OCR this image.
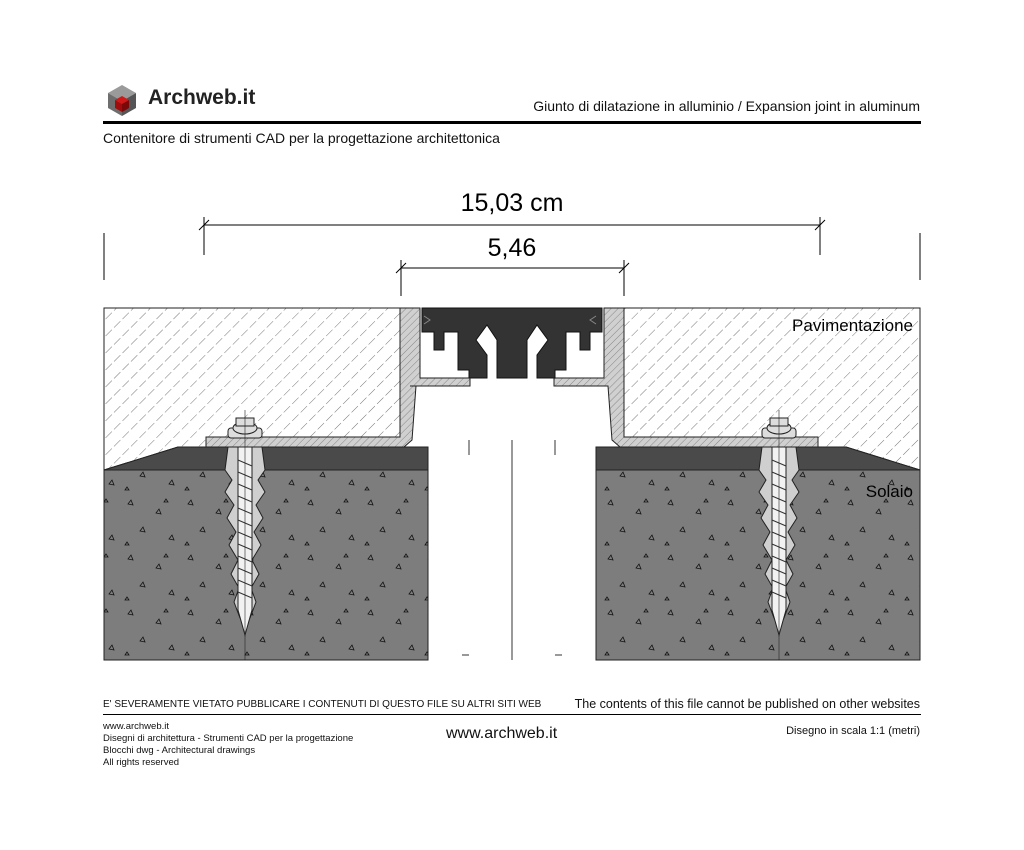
Archweb.it	Giunto di dilatazione in alluminio / Expansion joint in aluminum
Contenitore di strumenti CAD per la progettazione architettonica
15,03 cm
5,46
Pavimentazione
Solaio
E' SEVERAMENTE VIETATO PUBBLICARE I CONTENUTI DI QUESTO FILE SU ALTRI SITI WEB	The contents of this file cannot be published on other websites
www.archweb.it
Disegni di architettura - Strumenti CAD per la progettazione
Blocchi dwg - Architectural drawings
All rights reserved
www.archweb.it	Disegno in scala 1:1 (metri)
